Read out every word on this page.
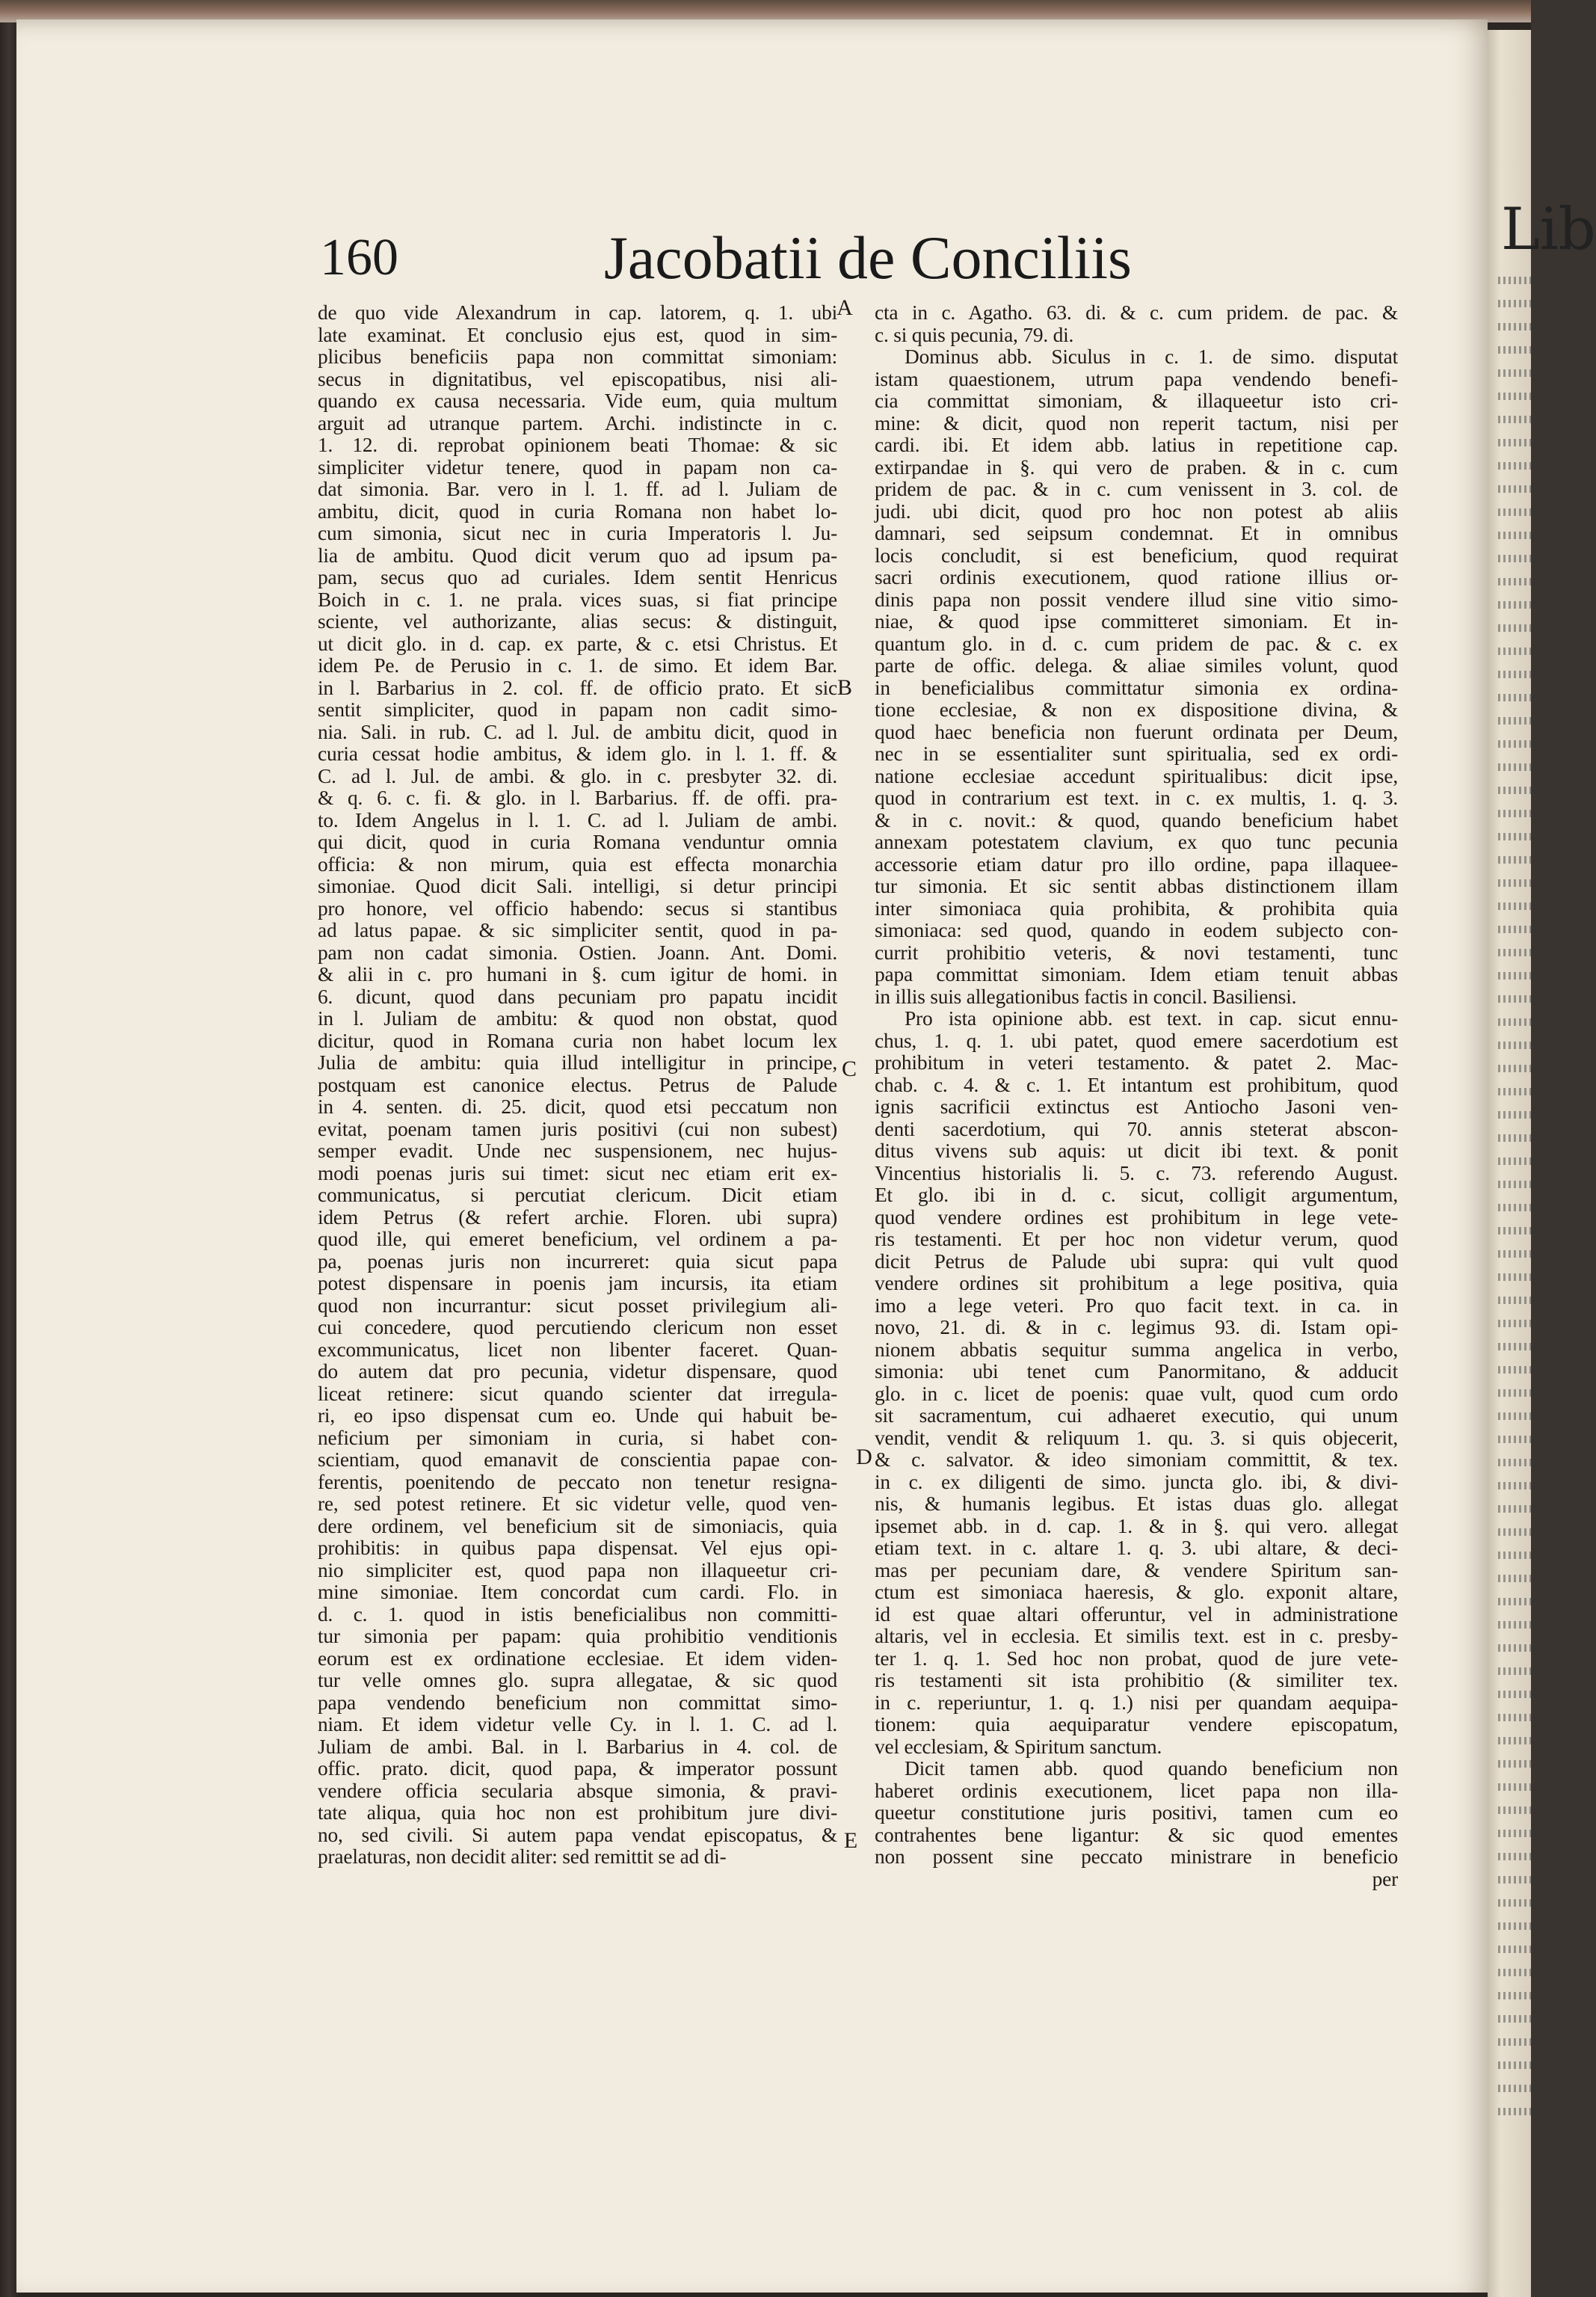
Lib
160	Jacobatii de Conciliis
de quo vide Alexandrum in cap. latorem, q. 1. ubi
late examinat. Et conclusio ejus est, quod in sim-
plicibus beneficiis papa non committat simoniam:
secus in dignitatibus, vel episcopatibus, nisi ali-
quando ex causa necessaria. Vide eum, quia multum
arguit ad utranque partem. Archi. indistincte in c.
1. 12. di. reprobat opinionem beati Thomae: & sic
simpliciter videtur tenere, quod in papam non ca-
dat simonia. Bar. vero in l. 1. ff. ad l. Juliam de
ambitu, dicit, quod in curia Romana non habet lo-
cum simonia, sicut nec in curia Imperatoris l. Ju-
lia de ambitu. Quod dicit verum quo ad ipsum pa-
pam, secus quo ad curiales. Idem sentit Henricus
Boich in c. 1. ne prala. vices suas, si fiat principe
sciente, vel authorizante, alias secus: & distinguit,
ut dicit glo. in d. cap. ex parte, & c. etsi Christus. Et
idem Pe. de Perusio in c. 1. de simo. Et idem Bar.
in l. Barbarius in 2. col. ff. de officio prato. Et sic
sentit simpliciter, quod in papam non cadit simo-
nia. Sali. in rub. C. ad l. Jul. de ambitu dicit, quod in
curia cessat hodie ambitus, & idem glo. in l. 1. ff. &
C. ad l. Jul. de ambi. & glo. in c. presbyter 32. di.
& q. 6. c. fi. & glo. in l. Barbarius. ff. de offi. pra-
to. Idem Angelus in l. 1. C. ad l. Juliam de ambi.
qui dicit, quod in curia Romana venduntur omnia
officia: & non mirum, quia est effecta monarchia
simoniae. Quod dicit Sali. intelligi, si detur principi
pro honore, vel officio habendo: secus si stantibus
ad latus papae. & sic simpliciter sentit, quod in pa-
pam non cadat simonia. Ostien. Joann. Ant. Domi.
& alii in c. pro humani in §. cum igitur de homi. in
6. dicunt, quod dans pecuniam pro papatu incidit
in l. Juliam de ambitu: & quod non obstat, quod
dicitur, quod in Romana curia non habet locum lex
Julia de ambitu: quia illud intelligitur in principe,
postquam est canonice electus. Petrus de Palude
in 4. senten. di. 25. dicit, quod etsi peccatum non
evitat, poenam tamen juris positivi (cui non subest)
semper evadit. Unde nec suspensionem, nec hujus-
modi poenas juris sui timet: sicut nec etiam erit ex-
communicatus, si percutiat clericum. Dicit etiam
idem Petrus (& refert archie. Floren. ubi supra)
quod ille, qui emeret beneficium, vel ordinem a pa-
pa, poenas juris non incurreret: quia sicut papa
potest dispensare in poenis jam incursis, ita etiam
quod non incurrantur: sicut posset privilegium ali-
cui concedere, quod percutiendo clericum non esset
excommunicatus, licet non libenter faceret. Quan-
do autem dat pro pecunia, videtur dispensare, quod
liceat retinere: sicut quando scienter dat irregula-
ri, eo ipso dispensat cum eo. Unde qui habuit be-
neficium per simoniam in curia, si habet con-
scientiam, quod emanavit de conscientia papae con-
ferentis, poenitendo de peccato non tenetur resigna-
re, sed potest retinere. Et sic videtur velle, quod ven-
dere ordinem, vel beneficium sit de simoniacis, quia
prohibitis: in quibus papa dispensat. Vel ejus opi-
nio simpliciter est, quod papa non illaqueetur cri-
mine simoniae. Item concordat cum cardi. Flo. in
d. c. 1. quod in istis beneficialibus non committi-
tur simonia per papam: quia prohibitio venditionis
eorum est ex ordinatione ecclesiae. Et idem viden-
tur velle omnes glo. supra allegatae, & sic quod
papa vendendo beneficium non committat simo-
niam. Et idem videtur velle Cy. in l. 1. C. ad l.
Juliam de ambi. Bal. in l. Barbarius in 4. col. de
offic. prato. dicit, quod papa, & imperator possunt
vendere officia secularia absque simonia, & pravi-
tate aliqua, quia hoc non est prohibitum jure divi-
no, sed civili. Si autem papa vendat episcopatus, &
praelaturas, non decidit aliter: sed remittit se ad di-
cta in c. Agatho. 63. di. & c. cum pridem. de pac. &
c. si quis pecunia, 79. di.
Dominus abb. Siculus in c. 1. de simo. disputat
istam quaestionem, utrum papa vendendo benefi-
cia committat simoniam, & illaqueetur isto cri-
mine: & dicit, quod non reperit tactum, nisi per
cardi. ibi. Et idem abb. latius in repetitione cap.
extirpandae in §. qui vero de praben. & in c. cum
pridem de pac. & in c. cum venissent in 3. col. de
judi. ubi dicit, quod pro hoc non potest ab aliis
damnari, sed seipsum condemnat. Et in omnibus
locis concludit, si est beneficium, quod requirat
sacri ordinis executionem, quod ratione illius or-
dinis papa non possit vendere illud sine vitio simo-
niae, & quod ipse committeret simoniam. Et in-
quantum glo. in d. c. cum pridem de pac. & c. ex
parte de offic. delega. & aliae similes volunt, quod
in beneficialibus committatur simonia ex ordina-
tione ecclesiae, & non ex dispositione divina, &
quod haec beneficia non fuerunt ordinata per Deum,
nec in se essentialiter sunt spiritualia, sed ex ordi-
natione ecclesiae accedunt spiritualibus: dicit ipse,
quod in contrarium est text. in c. ex multis, 1. q. 3.
& in c. novit.: & quod, quando beneficium habet
annexam potestatem clavium, ex quo tunc pecunia
accessorie etiam datur pro illo ordine, papa illaquee-
tur simonia. Et sic sentit abbas distinctionem illam
inter simoniaca quia prohibita, & prohibita quia
simoniaca: sed quod, quando in eodem subjecto con-
currit prohibitio veteris, & novi testamenti, tunc
papa committat simoniam. Idem etiam tenuit abbas
in illis suis allegationibus factis in concil. Basiliensi.
Pro ista opinione abb. est text. in cap. sicut ennu-
chus, 1. q. 1. ubi patet, quod emere sacerdotium est
prohibitum in veteri testamento. & patet 2. Mac-
chab. c. 4. & c. 1. Et intantum est prohibitum, quod
ignis sacrificii extinctus est Antiocho Jasoni ven-
denti sacerdotium, qui 70. annis steterat abscon-
ditus vivens sub aquis: ut dicit ibi text. & ponit
Vincentius historialis li. 5. c. 73. referendo August.
Et glo. ibi in d. c. sicut, colligit argumentum,
quod vendere ordines est prohibitum in lege vete-
ris testamenti. Et per hoc non videtur verum, quod
dicit Petrus de Palude ubi supra: qui vult quod
vendere ordines sit prohibitum a lege positiva, quia
imo a lege veteri. Pro quo facit text. in ca. in
novo, 21. di. & in c. legimus 93. di. Istam opi-
nionem abbatis sequitur summa angelica in verbo,
simonia: ubi tenet cum Panormitano, & adducit
glo. in c. licet de poenis: quae vult, quod cum ordo
sit sacramentum, cui adhaeret executio, qui unum
vendit, vendit & reliquum 1. qu. 3. si quis objecerit,
& c. salvator. & ideo simoniam committit, & tex.
in c. ex diligenti de simo. juncta glo. ibi, & divi-
nis, & humanis legibus. Et istas duas glo. allegat
ipsemet abb. in d. cap. 1. & in §. qui vero. allegat
etiam text. in c. altare 1. q. 3. ubi altare, & deci-
mas per pecuniam dare, & vendere Spiritum san-
ctum est simoniaca haeresis, & glo. exponit altare,
id est quae altari offeruntur, vel in administratione
altaris, vel in ecclesia. Et similis text. est in c. presby-
ter 1. q. 1. Sed hoc non probat, quod de jure vete-
ris testamenti sit ista prohibitio (& similiter tex.
in c. reperiuntur, 1. q. 1.) nisi per quandam aequipa-
tionem: quia aequiparatur vendere episcopatum,
vel ecclesiam, & Spiritum sanctum.
Dicit tamen abb. quod quando beneficium non
haberet ordinis executionem, licet papa non illa-
queetur constitutione juris positivi, tamen cum eo
contrahentes bene ligantur: & sic quod ementes
non possent sine peccato ministrare in beneficio
per
A
B
C
D
E
